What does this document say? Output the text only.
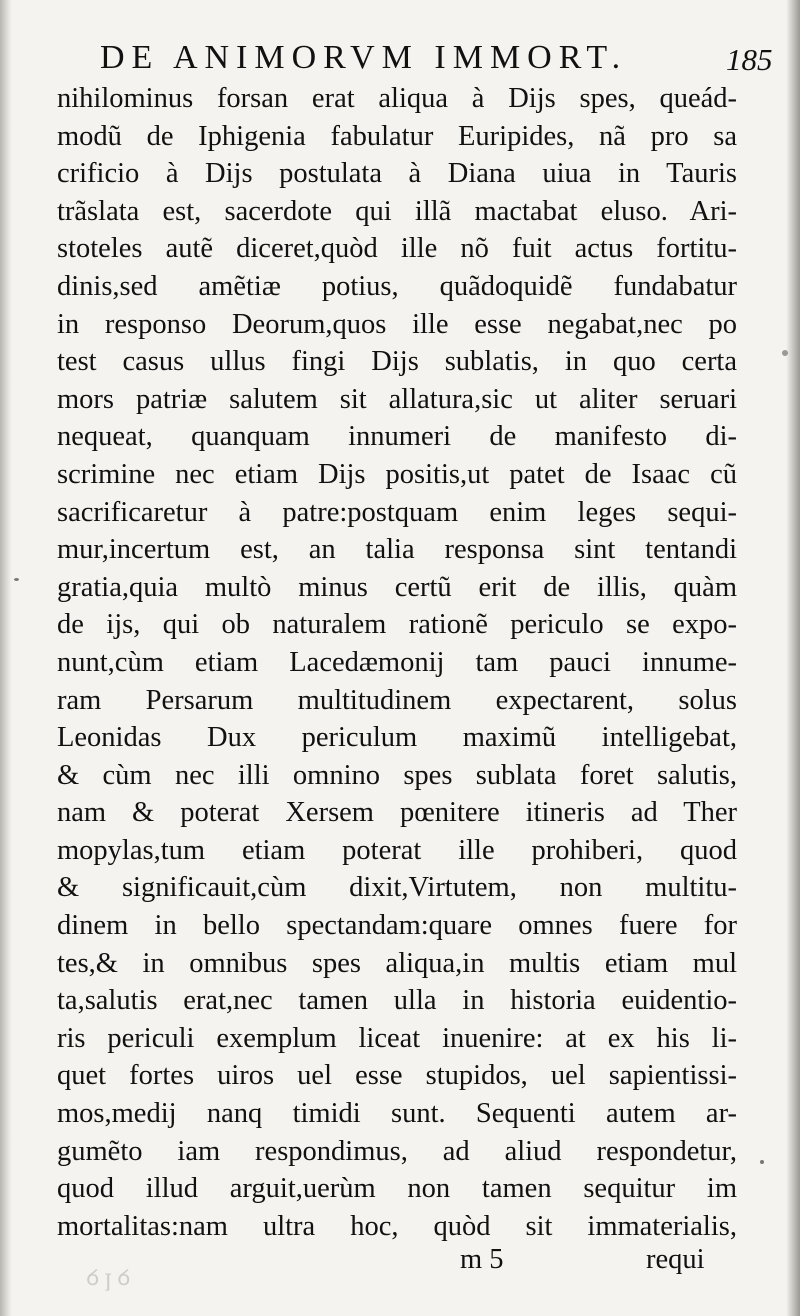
DE ANIMORVM IMMORT.	185
nihilominus forsan erat aliqua à Dijs spes, queád-
modũ de Iphigenia fabulatur Euripides, nã pro sa
crificio à Dijs postulata à Diana uiua in Tauris
trãslata est, sacerdote qui illã mactabat eluso. Ari-
stoteles autẽ diceret,quòd ille nõ fuit actus fortitu-
dinis,sed amẽtiæ potius, quãdoquidẽ fundabatur
in responso Deorum,quos ille esse negabat,nec po
test casus ullus fingi Dijs sublatis, in quo certa
mors patriæ salutem sit allatura,sic ut aliter seruari
nequeat, quanquam innumeri de manifesto di-
scrimine nec etiam Dijs positis,ut patet de Isaac cũ
sacrificaretur à patre:postquam enim leges sequi-
mur,incertum est, an talia responsa sint tentandi
gratia,quia multò minus certũ erit de illis, quàm
de ijs, qui ob naturalem rationẽ periculo se expo-
nunt,cùm etiam Lacedæmonij tam pauci innume-
ram Persarum multitudinem expectarent, solus
Leonidas Dux periculum maximũ intelligebat,
& cùm nec illi omnino spes sublata foret salutis,
nam & poterat Xersem pœnitere itineris ad Ther
mopylas,tum etiam poterat ille prohiberi, quod
& significauit,cùm dixit,Virtutem, non multitu-
dinem in bello spectandam:quare omnes fuere for
tes,& in omnibus spes aliqua,in multis etiam mul
ta,salutis erat,nec tamen ulla in historia euidentio-
ris periculi exemplum liceat inuenire: at ex his li-
quet fortes uiros uel esse stupidos, uel sapientissi-
mos,medij nanq timidi sunt. Sequenti autem ar-
gumẽto iam respondimus, ad aliud respondetur,
quod illud arguit,uerùm non tamen sequitur im
mortalitas:nam ultra hoc, quòd sit immaterialis,
m 5	requi
ꝺ ꞁ ꝺ
